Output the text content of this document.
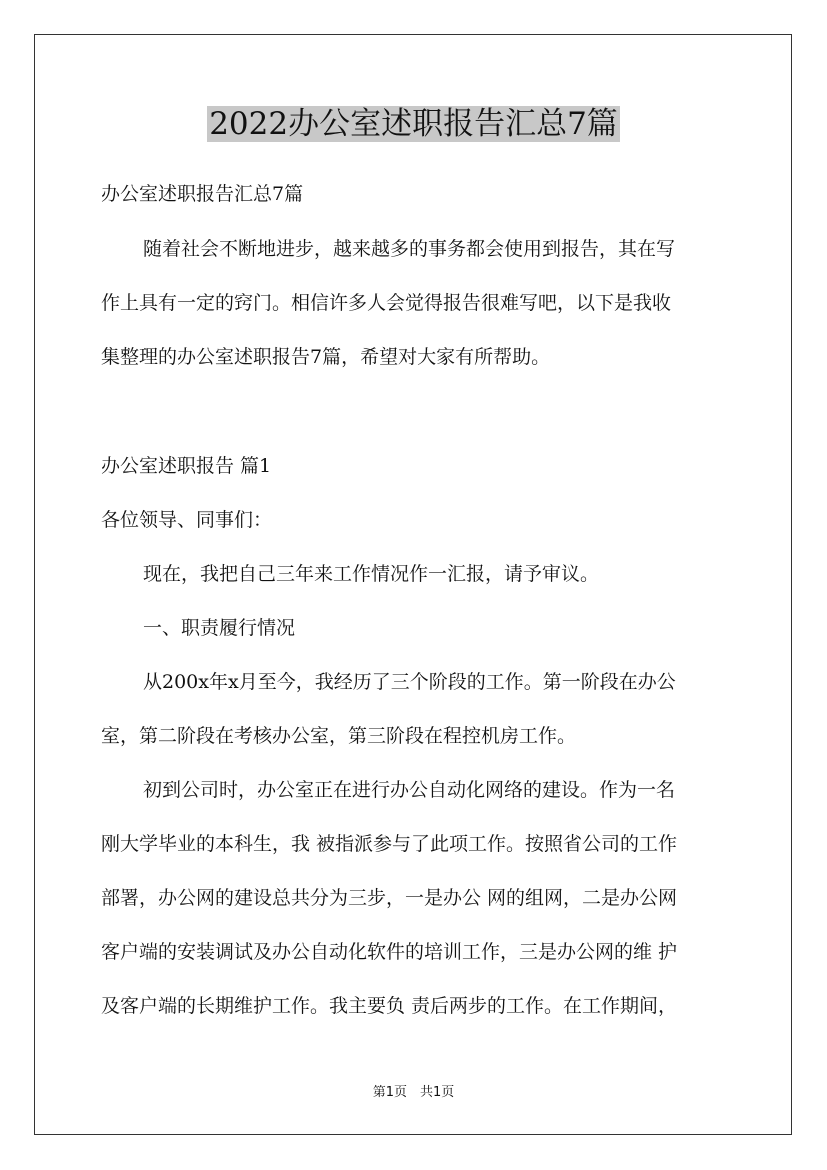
2022办公室述职报告汇总7篇
办公室述职报告汇总7篇
随着社会不断地进步，越来越多的事务都会使用到报告，其在写
作上具有一定的窍门。相信许多人会觉得报告很难写吧，以下是我收
集整理的办公室述职报告7篇，希望对大家有所帮助。
办公室述职报告 篇1
各位领导、同事们：
现在，我把自己三年来工作情况作一汇报，请予审议。
一、职责履行情况
从200x年x月至今，我经历了三个阶段的工作。第一阶段在办公
室，第二阶段在考核办公室，第三阶段在程控机房工作。
初到公司时，办公室正在进行办公自动化网络的建设。作为一名
刚大学毕业的本科生，我 被指派参与了此项工作。按照省公司的工作
部署，办公网的建设总共分为三步，一是办公 网的组网，二是办公网
客户端的安装调试及办公自动化软件的培训工作，三是办公网的维 护
及客户端的长期维护工作。我主要负 责后两步的工作。在工作期间，
第1页　共1页
